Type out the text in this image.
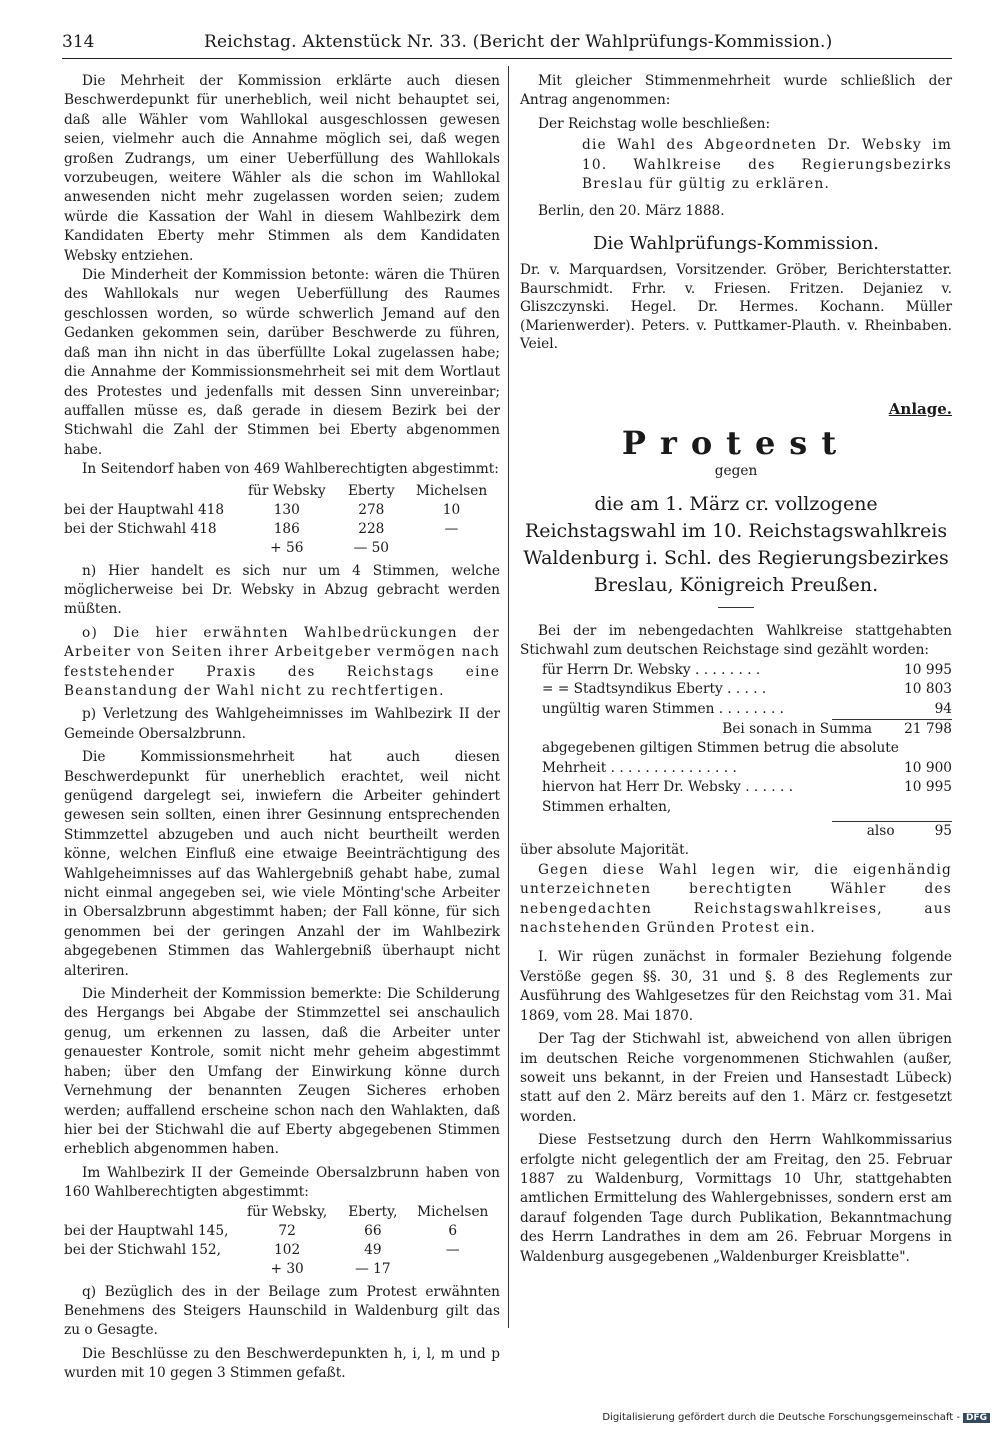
314	Reichstag. Aktenstück Nr. 33. (Bericht der Wahlprüfungs-Kommission.)

Die Mehrheit der Kommission erklärte auch diesen Beschwerdepunkt für unerheblich, weil nicht behauptet sei, daß alle Wähler vom Wahllokal ausgeschlossen gewesen seien, vielmehr auch die Annahme möglich sei, daß wegen großen Zudrangs, um einer Ueberfüllung des Wahllokals vorzubeugen, weitere Wähler als die schon im Wahllokal anwesenden nicht mehr zugelassen worden seien; zudem würde die Kassation der Wahl in diesem Wahlbezirk dem Kandidaten Eberty mehr Stimmen als dem Kandidaten Websky entziehen.

Die Minderheit der Kommission betonte: wären die Thüren des Wahllokals nur wegen Ueberfüllung des Raumes geschlossen worden, so würde schwerlich Jemand auf den Gedanken gekommen sein, darüber Beschwerde zu führen, daß man ihn nicht in das überfüllte Lokal zugelassen habe; die Annahme der Kommissionsmehrheit sei mit dem Wortlaut des Protestes und jedenfalls mit dessen Sinn unvereinbar; auffallen müsse es, daß gerade in diesem Bezirk bei der Stichwahl die Zahl der Stimmen bei Eberty abgenommen habe.

In Seitendorf haben von 469 Wahlberechtigten abgestimmt:

	für Websky	Eberty	Michelsen
bei der Hauptwahl 418	130	278	10
bei der Stichwahl 418	186	228	—
	+ 56	— 50	

n) Hier handelt es sich nur um 4 Stimmen, welche möglicherweise bei Dr. Websky in Abzug gebracht werden müßten.

o) Die hier erwähnten Wahlbedrückungen der Arbeiter von Seiten ihrer Arbeitgeber vermögen nach feststehender Praxis des Reichstags eine Beanstandung der Wahl nicht zu rechtfertigen.

p) Verletzung des Wahlgeheimnisses im Wahlbezirk II der Gemeinde Obersalzbrunn.

Die Kommissionsmehrheit hat auch diesen Beschwerdepunkt für unerheblich erachtet, weil nicht genügend dargelegt sei, inwiefern die Arbeiter gehindert gewesen sein sollten, einen ihrer Gesinnung entsprechenden Stimmzettel abzugeben und auch nicht beurtheilt werden könne, welchen Einfluß eine etwaige Beeinträchtigung des Wahlgeheimnisses auf das Wahlergebniß gehabt habe, zumal nicht einmal angegeben sei, wie viele Mönting'sche Arbeiter in Obersalzbrunn abgestimmt haben; der Fall könne, für sich genommen bei der geringen Anzahl der im Wahlbezirk abgegebenen Stimmen das Wahlergebniß überhaupt nicht alteriren.

Die Minderheit der Kommission bemerkte: Die Schilderung des Hergangs bei Abgabe der Stimmzettel sei anschaulich genug, um erkennen zu lassen, daß die Arbeiter unter genauester Kontrole, somit nicht mehr geheim abgestimmt haben; über den Umfang der Einwirkung könne durch Vernehmung der benannten Zeugen Sicheres erhoben werden; auffallend erscheine schon nach den Wahlakten, daß hier bei der Stichwahl die auf Eberty abgegebenen Stimmen erheblich abgenommen haben.

Im Wahlbezirk II der Gemeinde Obersalzbrunn haben von 160 Wahlberechtigten abgestimmt:

	für Websky,	Eberty,	Michelsen
bei der Hauptwahl 145,	72	66	6
bei der Stichwahl 152,	102	49	—
	+ 30	— 17	

q) Bezüglich des in der Beilage zum Protest erwähnten Benehmens des Steigers Haunschild in Waldenburg gilt das zu o Gesagte.

Die Beschlüsse zu den Beschwerdepunkten h, i, l, m und p wurden mit 10 gegen 3 Stimmen gefaßt.

Mit gleicher Stimmenmehrheit wurde schließlich der Antrag angenommen:

Der Reichstag wolle beschließen:

die Wahl des Abgeordneten Dr. Websky im 10. Wahlkreise des Regierungsbezirks Breslau für gültig zu erklären.

Berlin, den 20. März 1888.

Die Wahlprüfungs-Kommission.

Dr. v. Marquardsen, Vorsitzender. Gröber, Berichterstatter. Baurschmidt. Frhr. v. Friesen. Fritzen. Dejaniez v. Gliszczynski. Hegel. Dr. Hermes. Kochann. Müller (Marienwerder). Peters. v. Puttkamer-Plauth. v. Rheinbaben. Veiel.

Anlage.
Protest
gegen
die am 1. März cr. vollzogene Reichstagswahl im 10. Reichstagswahlkreis Waldenburg i. Schl. des Regierungsbezirkes Breslau, Königreich Preußen.

Bei der im nebengedachten Wahlkreise stattgehabten Stichwahl zum deutschen Reichstage sind gezählt worden:

für Herrn Dr. Websky . . . . . . . .	10 995
= = Stadtsyndikus Eberty . . . . .	10 803
ungültig waren Stimmen . . . . . . . .	94
Bei sonach in Summa 21 798
abgegebenen giltigen Stimmen betrug die absolute
Mehrheit . . . . . . . . . . . . . . .	10 900
hiervon hat Herr Dr. Websky . . . . . .	10 995
Stimmen erhalten,
also	95

über absolute Majorität.

Gegen diese Wahl legen wir, die eigenhändig unterzeichneten berechtigten Wähler des nebengedachten Reichstagswahlkreises, aus nachstehenden Gründen Protest ein.

I. Wir rügen zunächst in formaler Beziehung folgende Verstöße gegen §§. 30, 31 und §. 8 des Reglements zur Ausführung des Wahlgesetzes für den Reichstag vom 31. Mai 1869, vom 28. Mai 1870.

Der Tag der Stichwahl ist, abweichend von allen übrigen im deutschen Reiche vorgenommenen Stichwahlen (außer, soweit uns bekannt, in der Freien und Hansestadt Lübeck) statt auf den 2. März bereits auf den 1. März cr. festgesetzt worden.

Diese Festsetzung durch den Herrn Wahlkommissarius erfolgte nicht gelegentlich der am Freitag, den 25. Februar 1887 zu Waldenburg, Vormittags 10 Uhr, stattgehabten amtlichen Ermittelung des Wahlergebnisses, sondern erst am darauf folgenden Tage durch Publikation, Bekanntmachung des Herrn Landrathes in dem am 26. Februar Morgens in Waldenburg ausgegebenen „Waldenburger Kreisblatte".

Digitalisierung gefördert durch die Deutsche Forschungsgemeinschaft - DFG
